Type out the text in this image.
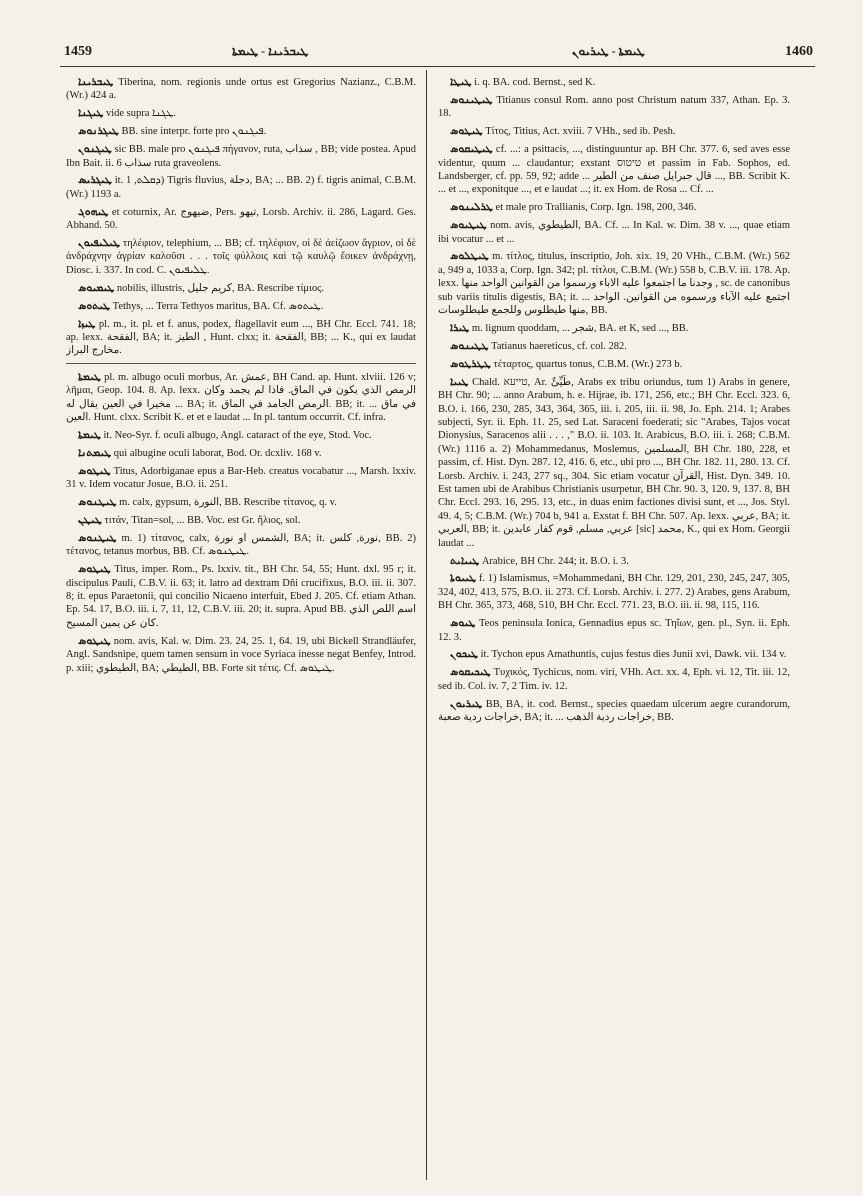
1459	ܛܝܒܪܝܢܐ - ܛܝܡܬܐ	ܛܝܡܬܐ - ܛܝܪܝܘܢ	1460

ܛܝܒܪܝܢܐ Tiberina, nom. regionis unde ortus est Gregorius Nazianz., C.B.M. (Wr.) 424 a.

ܛܝܓܢܐ vide supra ܛܓܢܐ.

ܛܝܓܪܢܘܣ BB. sine interpr. forte pro ܦܝܓܢܘܢ.

ܛܝܓܢܘܢ sic BB. male pro ܦܝܓܢܘܢ πήγανον, ruta, سذاب , BB; vide postea. Apud Ibn Bait. ii. 6 سذاب ruta graveolens.

ܛܝܓܪܝܣ it. ܕܩܠܬ, 1) Tigris fluvius, دجلة, BA; ... BB. 2) f. tigris animal, C.B.M. (Wr.) 1193 a.

ܛܝܗܘܓ et coturnix, Ar. ضيهوج, Pers. تيهو, Lorsb. Archiv. ii. 286, Lagard. Ges. Abhand. 50.

ܛܝܠܝܦܝܘܢ τηλέφιον, telephium, ... BB; cf. τηλέφιον, οἱ δὲ ἀείζωον ἄγριον, οἱ δὲ ἀνδράχνην ἀγρίαν καλοῦσι . . . τοῖς φύλλοις καὶ τῷ καυλῷ ἔοικεν ἀνδράχνῃ, Diosc. i. 337. In cod. C. ܛܠܝܦܝܘܢ.

ܛܝܡܝܘܣ nobilis, illustris, كريم جليل, BA. Rescribe τίμιος.

ܛܝܬܘܣ Tethys, ... Terra Tethyos maritus, BA. Cf. ܛܝܬܘܣ.

ܛܝܙܐ pl. m., it. pl. et f. anus, podex, flagellavit eum ..., BH Chr. Eccl. 741. 18; ap. lexx. الفقحة, BA; it. الطيز , Hunt. clxx; it. الفقحة, BB; ... K., qui ex laudat مخارج البراز.

ܛܝܡܬܐ pl. m. albugo oculi morbus, Ar. عمش, BH Cand. ap. Hunt. xlviii. 126 v; λῆμαι, Geop. 104. 8. Ap. lexx. الرمص الذي يكون في الماق. فاذا لم يجمد وكان مخيرا في العين يقال له ... BA; it. الرمص الجامد في الماق. BB; it. ... في ماق العين. Hunt. clxx. Scribit K. et et e laudat ... In pl. tantum occurrit. Cf. infra.

ܛܝܡܬܐ it. Neo-Syr. f. oculi albugo, Angl. cataract of the eye, Stod. Voc.

ܛܝܡܬܢܐ qui albugine oculi laborat, Bod. Or. dcxliv. 168 v.

ܛܝܛܘܣ Titus, Adorbiganae epus a Bar-Heb. creatus vocabatur ..., Marsh. lxxiv. 31 v. Idem vocatur Josue, B.O. ii. 251.

ܛܝܛܢܘܣ m. calx, gypsum, النورة, BB. Rescribe τίτανος, q. v.

ܛܝܛܢ τιτάν, Titan=sol, ... BB. Voc. est Gr. ἥλιος, sol.

ܛܝܛܢܘܣ m. 1) τίτανος, calx, الشمس او نورة, BA; it. نورة, كلس, BB. 2) τέτανος, tetanus morbus, BB. Cf. ܛܝܛܢܘܣ.

ܛܝܛܘܣ Titus, imper. Rom., Ps. lxxiv. tit., BH Chr. 54, 55; Hunt. dxl. 95 r; it. discipulus Pauli, C.B.V. ii. 63; it. latro ad dextram Dñi crucifixus, B.O. iii. ii. 307. 8; it. epus Paraetonii, qui concilio Nicaeno interfuit, Ebed J. 205. Cf. etiam Athan. Ep. 54. 17, B.O. iii. i. 7, 11, 12, C.B.V. iii. 20; it. supra. Apud BB. اسم اللص الذي كان عن يمين المسيح.

ܛܝܛܘܣ nom. avis, Kal. w. Dim. 23. 24, 25. 1, 64. 19, ubi Bickell Strandläufer, Angl. Sandsnipe, quem tamen sensum in voce Syriaca inesse negat Benfey, Introd. p. xiii; الطيطوي, BA; الطيطي, BB. Forte sit τέτις. Cf. ܛܝܛܘܣ.

ܛܝܛܐ i. q. BA. cod. Bernst., sed K.

ܛܝܛܝܢܘܣ Titianus consul Rom. anno post Christum natum 337, Athan. Ep. 3. 18.

ܛܝܛܘܣ Τίτος, Titius, Act. xviii. 7 VHh., sed ib. Pesh.

ܛܝܛܝܩܘܣ cf. ...: a psittacis, ..., distinguuntur ap. BH Chr. 377. 6, sed aves esse videntur, quum ... claudantur; exstant טיטוס et passim in Fab. Sophos, ed. Landsberger, cf. pp. 59, 92; adde ... قال جبرايل صنف من الطير ..., BB. Scribit K. ... et ..., exponitque ..., et e laudat ...; it. ex Hom. de Rosa ... Cf. ...

ܛܪܠܝܢܘܣ et male pro Trallianis, Corp. Ign. 198, 200, 346.

ܛܝܛܝܘܣ nom. avis, الطيطوي, BA. Cf. ... In Kal. w. Dim. 38 v. ..., quae etiam ibi vocatur ... et ...

ܛܝܛܠܘܣ m. τίτλος, titulus, inscriptio, Joh. xix. 19, 20 VHh., C.B.M. (Wr.) 562 a, 949 a, 1033 a, Corp. Ign. 342; pl. τίτλοι, C.B.M. (Wr.) 558 b, C.B.V. iii. 178. Ap. lexx. وجدنا ما اجتمعوا عليه الاباء ورسموا من القوانين الواحد منها , sc. de canonibus sub variis titulis digestis, BA; it. ... اجتمع عليه الآباء ورسموه من القوانين. الواحد منها طيطلوس وللجمع طيطلوسات, BB.

ܛܝܪܐ m. lignum quoddam, ... شجر, BA. et K, sed ..., BB.

ܛܛܝܢܘܣ Tatianus haereticus, cf. col. 282.

ܛܛܪܛܘܣ τέταρτος, quartus tonus, C.B.M. (Wr.) 273 b.

ܛܝܝܐ Chald. טייעא, Ar. طَيِّئٌ, Arabs ex tribu oriundus, tum 1) Arabs in genere, BH Chr. 90; ... anno Arabum, h. e. Hijrae, ib. 171, 256, etc.; BH Chr. Eccl. 323. 6, B.O. i. 166, 230, 285, 343, 364, 365, iii. i. 205, iii. ii. 98, Jo. Eph. 214. 1; Arabes subjecti, Syr. ii. Eph. 11. 25, sed Lat. Saraceni foederati; sic "Arabes, Tajos vocat Dionysius, Saracenos alii . . . ," B.O. ii. 103. It. Arabicus, B.O. iii. i. 268; C.B.M. (Wr.) 1116 a. 2) Mohammedanus, Moslemus, المسلمين, BH Chr. 180, 228, et passim, cf. Hist. Dyn. 287. 12, 416. 6, etc., ubi pro ..., BH Chr. 182. 11, 280. 13. Cf. Lorsb. Archiv. i. 243, 277 sq., 304. Sic etiam vocatur القرآن, Hist. Dyn. 349. 10. Est tamen ubi de Arabibus Christianis usurpetur, BH Chr. 90. 3, 120. 9, 137. 8, BH Chr. Eccl. 293. 16, 295. 13, etc., in duas enim factiones divisi sunt, et ..., Jos. Styl. 49. 4, 5; C.B.M. (Wr.) 704 b, 941 a. Exstat f. BH Chr. 507. Ap. lexx. عربي, BA; it. العربي, BB; it. عربي, مسلم, قوم كفار عابدين [sic] محمد, K., qui ex Hom. Georgii laudat ...

ܛܝܝܐܝܬ Arabice, BH Chr. 244; it. B.O. i. 3.

ܛܝܝܘܬܐ f. 1) Islamismus, =Mohammedani, BH Chr. 129, 201, 230, 245, 247, 305, 324, 402, 413, 575, B.O. ii. 273. Cf. Lorsb. Archiv. i. 277. 2) Arabes, gens Arabum, BH Chr. 365, 373, 468, 510, BH Chr. Eccl. 771. 23, B.O. iii. ii. 98, 115, 116.

ܛܝܘܣ Teos peninsula Ionica, Gennadius epus sc. Τηΐων, gen. pl., Syn. ii. Eph. 12. 3.

ܛܝܟܘܢ it. Tychon epus Amathuntis, cujus festus dies Junii xvi, Dawk. vii. 134 v.

ܛܝܟܝܩܘܣ Τυχικός, Tychicus, nom. viri, VHh. Act. xx. 4, Eph. vi. 12, Tit. iii. 12, sed ib. Col. iv. 7, 2 Tim. iv. 12.

ܛܝܪܝܘܢ BB, BA, it. cod. Bernst., species quaedam ulcerum aegre curandorum, خراجات ردية صعبة, BA; it. ... خراجات ردية الذهب, BB.
